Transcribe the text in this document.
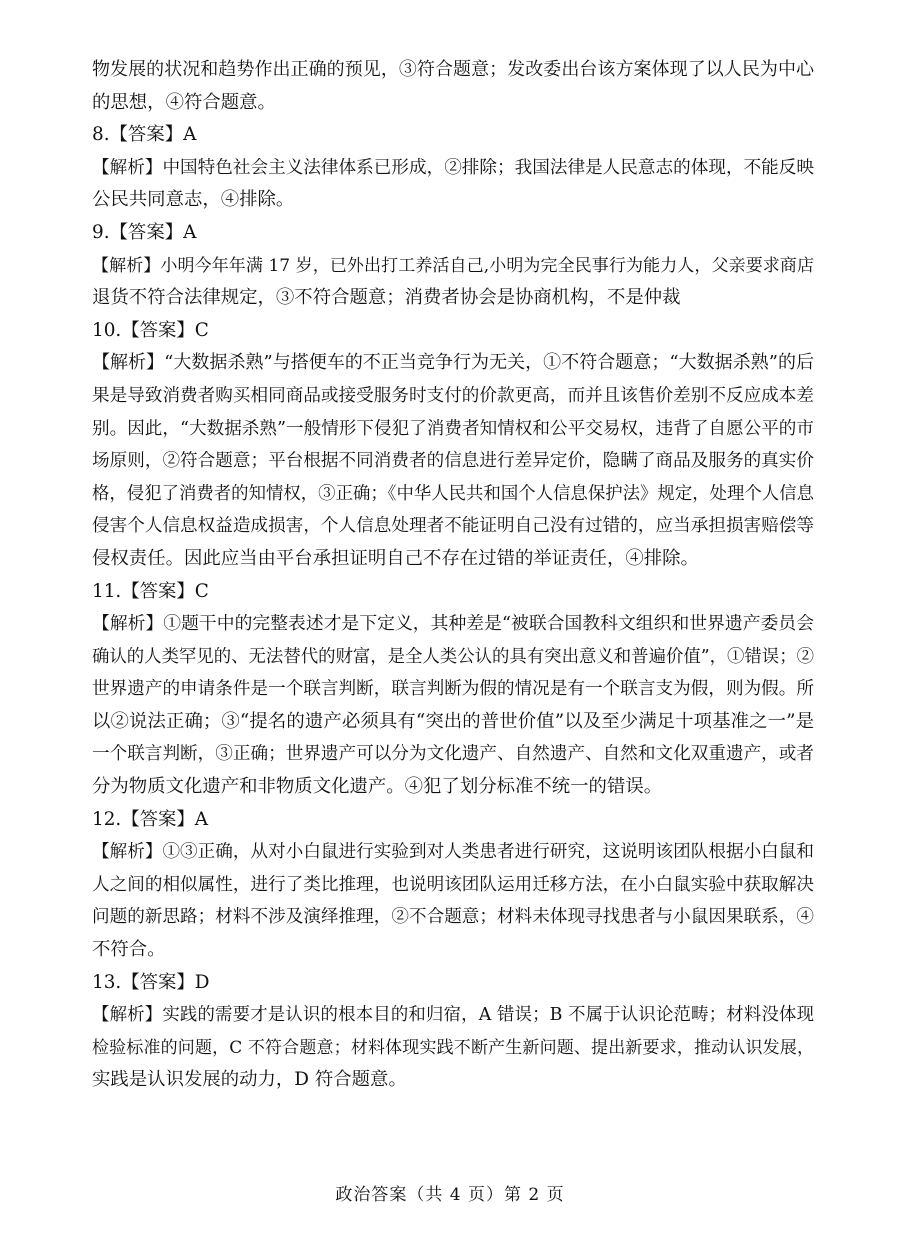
物发展的状况和趋势作出正确的预见，③符合题意；发改委出台该方案体现了以人民为中心
的思想，④符合题意。
8.【答案】A
【解析】中国特色社会主义法律体系已形成，②排除；我国法律是人民意志的体现，不能反映
公民共同意志，④排除。
9.【答案】A
【解析】小明今年年满 17 岁，已外出打工养活自己,小明为完全民事行为能力人，父亲要求商店
退货不符合法律规定，③不符合题意；消费者协会是协商机构，不是仲裁
10.【答案】C
【解析】“大数据杀熟”与搭便车的不正当竞争行为无关，①不符合题意；“大数据杀熟”的后
果是导致消费者购买相同商品或接受服务时支付的价款更高，而并且该售价差别不反应成本差
别。因此，“大数据杀熟”一般情形下侵犯了消费者知情权和公平交易权，违背了自愿公平的市
场原则，②符合题意；平台根据不同消费者的信息进行差异定价，隐瞒了商品及服务的真实价
格，侵犯了消费者的知情权，③正确；《中华人民共和国个人信息保护法》规定，处理个人信息
侵害个人信息权益造成损害，个人信息处理者不能证明自己没有过错的，应当承担损害赔偿等
侵权责任。因此应当由平台承担证明自己不存在过错的举证责任，④排除。
11.【答案】C
【解析】①题干中的完整表述才是下定义，其种差是“被联合国教科文组织和世界遗产委员会
确认的人类罕见的、无法替代的财富，是全人类公认的具有突出意义和普遍价值”，①错误；②
世界遗产的申请条件是一个联言判断，联言判断为假的情况是有一个联言支为假，则为假。所
以②说法正确；③“提名的遗产必须具有“突出的普世价值”以及至少满足十项基准之一”是
一个联言判断，③正确；世界遗产可以分为文化遗产、自然遗产、自然和文化双重遗产，或者
分为物质文化遗产和非物质文化遗产。④犯了划分标准不统一的错误。
12.【答案】A
【解析】①③正确，从对小白鼠进行实验到对人类患者进行研究，这说明该团队根据小白鼠和
人之间的相似属性，进行了类比推理，也说明该团队运用迁移方法，在小白鼠实验中获取解决
问题的新思路；材料不涉及演绎推理，②不合题意；材料未体现寻找患者与小鼠因果联系，④
不符合。
13.【答案】D
【解析】实践的需要才是认识的根本目的和归宿，A 错误；B 不属于认识论范畴；材料没体现
检验标准的问题，C 不符合题意；材料体现实践不断产生新问题、提出新要求，推动认识发展，
实践是认识发展的动力，D 符合题意。
政治答案（共 4 页）第 2 页
